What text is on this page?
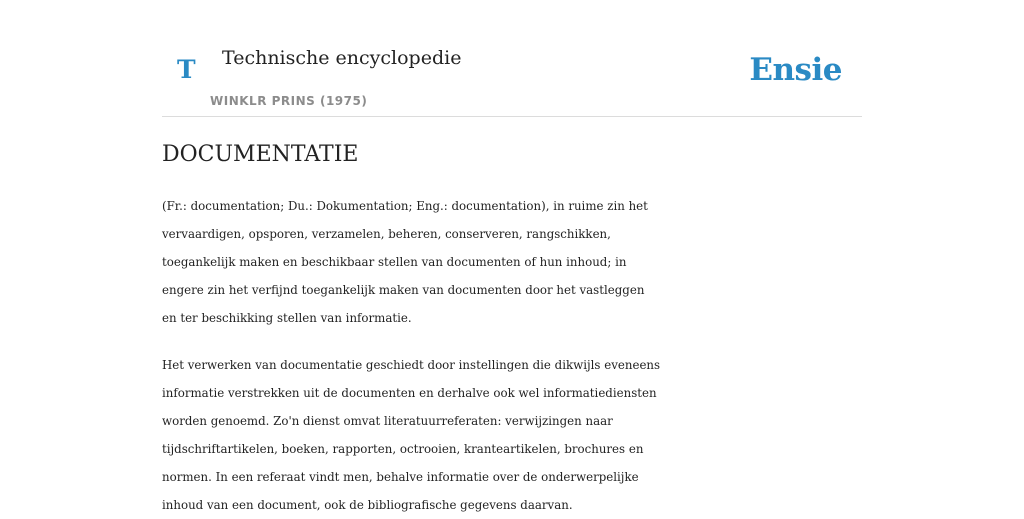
T Technische encyclopedie
WINKLR PRINS (1975)
Ensie
DOCUMENTATIE

(Fr.: documentation; Du.: Dokumentation; Eng.: documentation), in ruime zin het
vervaardigen, opsporen, verzamelen, beheren, conserveren, rangschikken,
toegankelijk maken en beschikbaar stellen van documenten of hun inhoud; in
engere zin het verfijnd toegankelijk maken van documenten door het vastleggen
en ter beschikking stellen van informatie.

Het verwerken van documentatie geschiedt door instellingen die dikwijls eveneens
informatie verstrekken uit de documenten en derhalve ook wel informatiediensten
worden genoemd. Zo'n dienst omvat literatuurreferaten: verwijzingen naar
tijdschriftartikelen, boeken, rapporten, octrooien, kranteartikelen, brochures en
normen. In een referaat vindt men, behalve informatie over de onderwerpelijke
inhoud van een document, ook de bibliografische gegevens daarvan.
